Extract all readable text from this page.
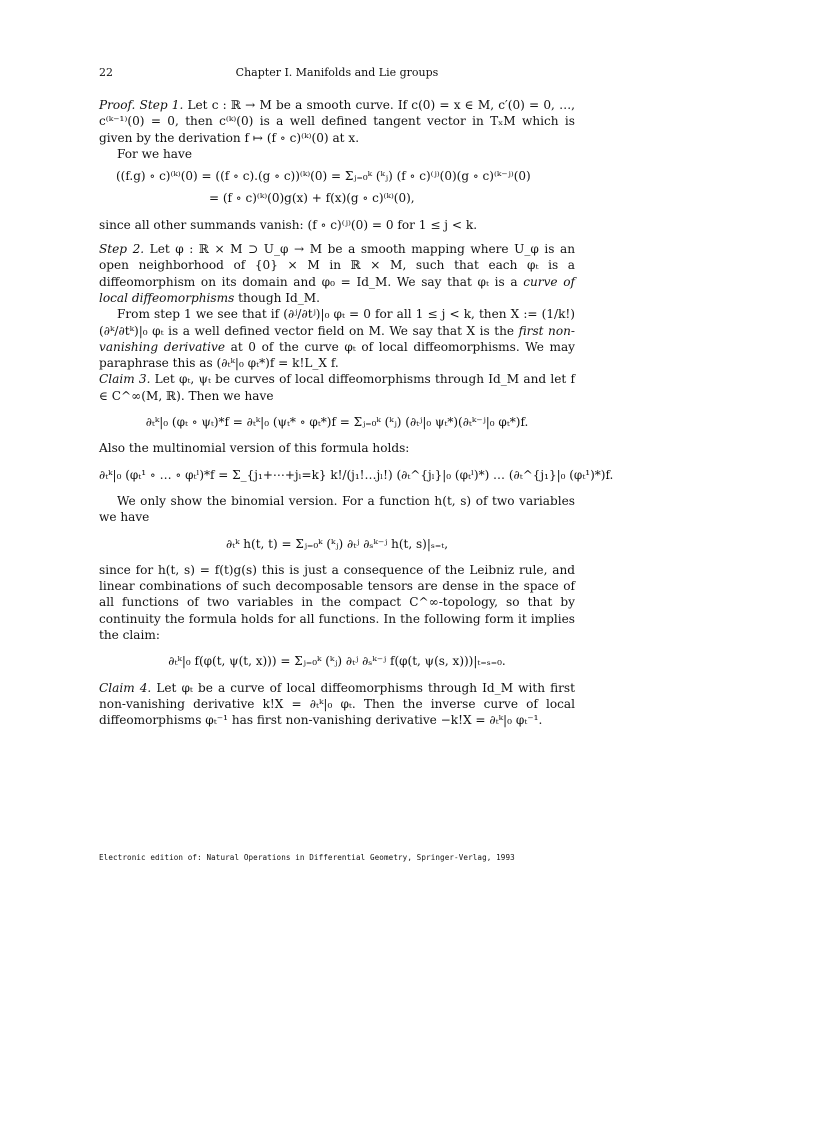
22	Chapter I. Manifolds and Lie groups

Proof. Step 1. Let c : ℝ → M be a smooth curve. If c(0) = x ∈ M, c′(0) = 0, …, c⁽ᵏ⁻¹⁾(0) = 0, then c⁽ᵏ⁾(0) is a well defined tangent vector in TₓM which is given by the derivation f ↦ (f ∘ c)⁽ᵏ⁾(0) at x.

For we have

((f.g) ∘ c)⁽ᵏ⁾(0) = ((f ∘ c).(g ∘ c))⁽ᵏ⁾(0) = Σⱼ₌₀ᵏ (ᵏⱼ) (f ∘ c)⁽ʲ⁾(0)(g ∘ c)⁽ᵏ⁻ʲ⁾(0)

= (f ∘ c)⁽ᵏ⁾(0)g(x) + f(x)(g ∘ c)⁽ᵏ⁾(0),

since all other summands vanish: (f ∘ c)⁽ʲ⁾(0) = 0 for 1 ≤ j < k.

Step 2. Let φ : ℝ × M ⊃ U_φ → M be a smooth mapping where U_φ is an open neighborhood of {0} × M in ℝ × M, such that each φₜ is a diffeomorphism on its domain and φ₀ = Id_M. We say that φₜ is a curve of local diffeomorphisms though Id_M.

From step 1 we see that if (∂ʲ/∂tʲ)|₀ φₜ = 0 for all 1 ≤ j < k, then X := (1/k!)(∂ᵏ/∂tᵏ)|₀ φₜ is a well defined vector field on M. We say that X is the first non-vanishing derivative at 0 of the curve φₜ of local diffeomorphisms. We may paraphrase this as (∂ₜᵏ|₀ φₜ*)f = k!L_X f.

Claim 3. Let φₜ, ψₜ be curves of local diffeomorphisms through Id_M and let f ∈ C^∞(M, ℝ). Then we have

∂ₜᵏ|₀ (φₜ ∘ ψₜ)*f = ∂ₜᵏ|₀ (ψₜ* ∘ φₜ*)f = Σⱼ₌₀ᵏ (ᵏⱼ) (∂ₜʲ|₀ ψₜ*)(∂ₜᵏ⁻ʲ|₀ φₜ*)f.

Also the multinomial version of this formula holds:

∂ₜᵏ|₀ (φₜ¹ ∘ … ∘ φₜˡ)*f = Σ_{j₁+⋯+jₗ=k} k!/(j₁!…jₗ!) (∂ₜ^{jₗ}|₀ (φₜˡ)*) … (∂ₜ^{j₁}|₀ (φₜ¹)*)f.

We only show the binomial version. For a function h(t, s) of two variables we have

∂ₜᵏ h(t, t) = Σⱼ₌₀ᵏ (ᵏⱼ) ∂ₜʲ ∂ₛᵏ⁻ʲ h(t, s)|ₛ₌ₜ,

since for h(t, s) = f(t)g(s) this is just a consequence of the Leibniz rule, and linear combinations of such decomposable tensors are dense in the space of all functions of two variables in the compact C^∞-topology, so that by continuity the formula holds for all functions. In the following form it implies the claim:

∂ₜᵏ|₀ f(φ(t, ψ(t, x))) = Σⱼ₌₀ᵏ (ᵏⱼ) ∂ₜʲ ∂ₛᵏ⁻ʲ f(φ(t, ψ(s, x)))|ₜ₌ₛ₌₀.

Claim 4. Let φₜ be a curve of local diffeomorphisms through Id_M with first non-vanishing derivative k!X = ∂ₜᵏ|₀ φₜ. Then the inverse curve of local diffeomorphisms φₜ⁻¹ has first non-vanishing derivative −k!X = ∂ₜᵏ|₀ φₜ⁻¹.

Electronic edition of: Natural Operations in Differential Geometry, Springer-Verlag, 1993
